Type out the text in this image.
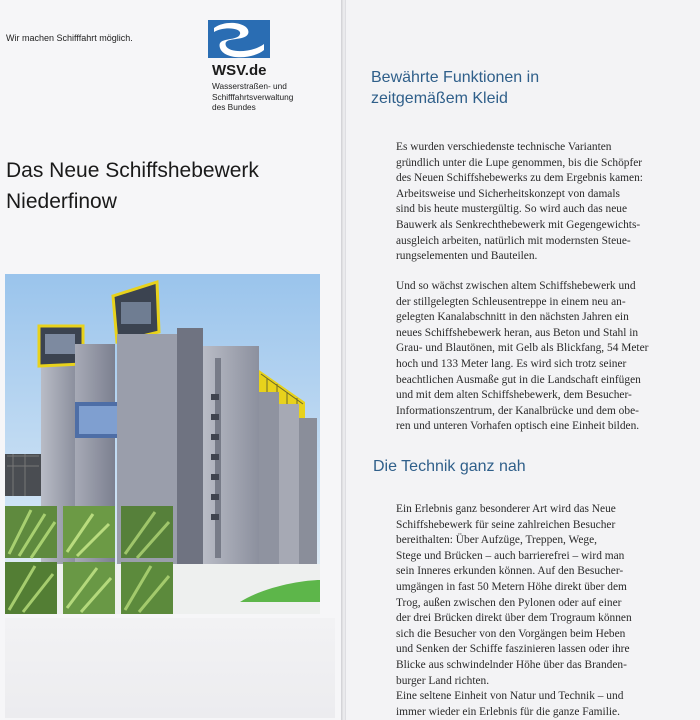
Wir machen Schifffahrt möglich.
WSV.de
Wasserstraßen- und
Schifffahrtsverwaltung
des Bundes
Das Neue Schiffshebewerk
Niederfinow
Bewährte Funktionen in
zeitgemäßem Kleid
Es wurden verschiedenste technische Varianten
gründlich unter die Lupe genommen, bis die Schöpfer
des Neuen Schiffshebewerks zu dem Ergebnis kamen:
Arbeitsweise und Sicherheitskonzept von damals
sind bis heute mustergültig. So wird auch das neue
Bauwerk als Senkrechthebewerk mit Gegengewichts-
ausgleich arbeiten, natürlich mit modernsten Steue-
rungselementen und Bauteilen.
Und so wächst zwischen altem Schiffshebewerk und
der stillgelegten Schleusentreppe in einem neu an-
gelegten Kanalabschnitt in den nächsten Jahren ein
neues Schiffshebewerk heran, aus Beton und Stahl in
Grau- und Blautönen, mit Gelb als Blickfang, 54 Meter
hoch und 133 Meter lang. Es wird sich trotz seiner
beachtlichen Ausmaße gut in die Landschaft einfügen
und mit dem alten Schiffshebewerk, dem Besucher-
Informationszentrum, der Kanalbrücke und dem obe-
ren und unteren Vorhafen optisch eine Einheit bilden.
Die Technik ganz nah
Ein Erlebnis ganz besonderer Art wird das Neue
Schiffshebewerk für seine zahlreichen Besucher
bereithalten: Über Aufzüge, Treppen, Wege,
Stege und Brücken – auch barrierefrei – wird man
sein Inneres erkunden können. Auf den Besucher-
umgängen in fast 50 Metern Höhe direkt über dem
Trog, außen zwischen den Pylonen oder auf einer
der drei Brücken direkt über dem Trograum können
sich die Besucher von den Vorgängen beim Heben
und Senken der Schiffe faszinieren lassen oder ihre
Blicke aus schwindelnder Höhe über das Branden-
burger Land richten.
Eine seltene Einheit von Natur und Technik – und
immer wieder ein Erlebnis für die ganze Familie.
